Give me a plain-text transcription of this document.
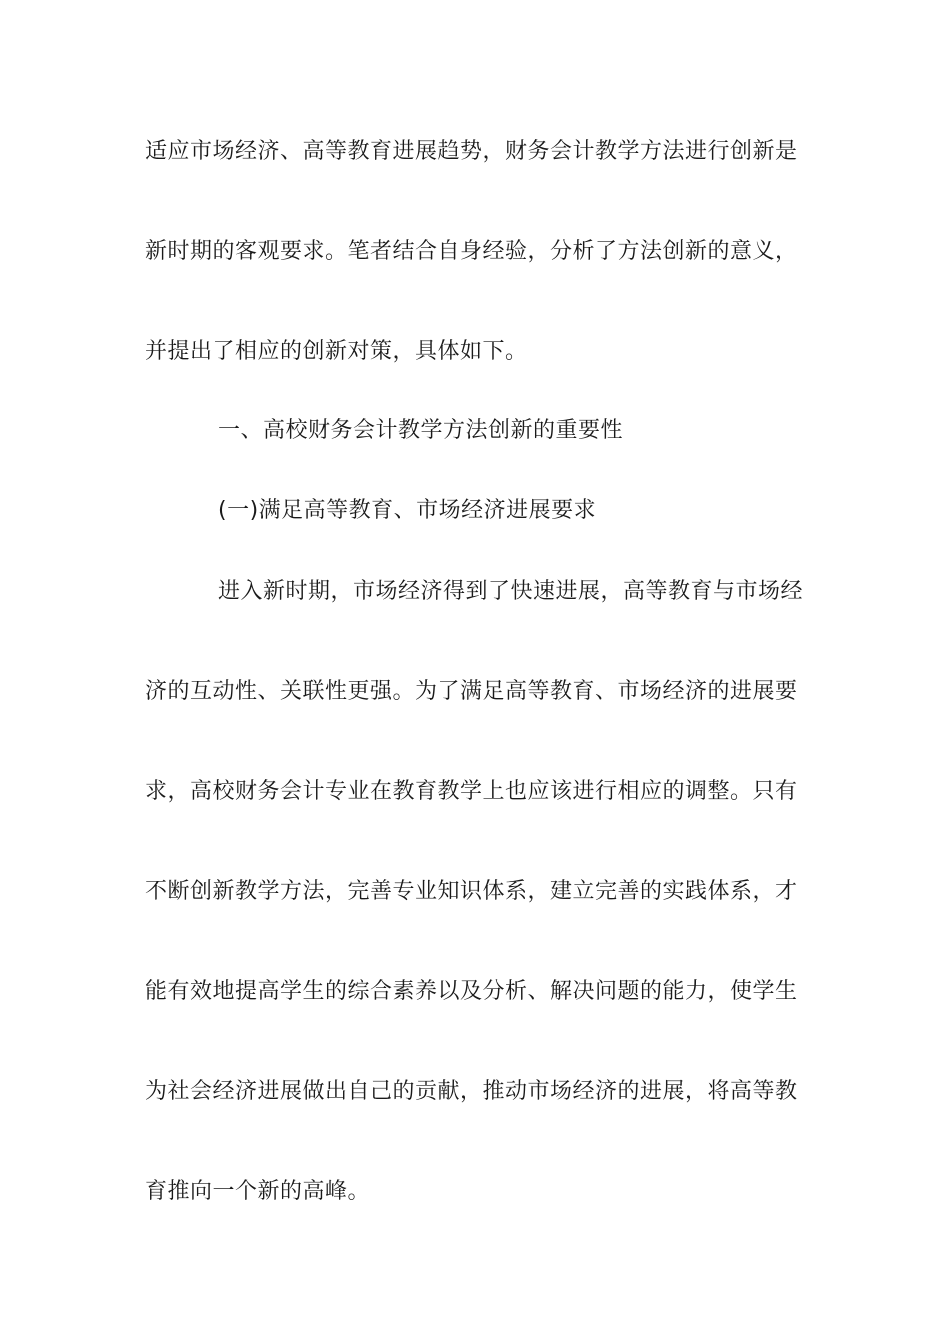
适应市场经济、高等教育进展趋势，财务会计教学方法进行创新是
新时期的客观要求。笔者结合自身经验，分析了方法创新的意义，
并提出了相应的创新对策，具体如下。
一、高校财务会计教学方法创新的重要性
(一)满足高等教育、市场经济进展要求
进入新时期，市场经济得到了快速进展，高等教育与市场经
济的互动性、关联性更强。为了满足高等教育、市场经济的进展要
求，高校财务会计专业在教育教学上也应该进行相应的调整。只有
不断创新教学方法，完善专业知识体系，建立完善的实践体系，才
能有效地提高学生的综合素养以及分析、解决问题的能力，使学生
为社会经济进展做出自己的贡献，推动市场经济的进展，将高等教
育推向一个新的高峰。
